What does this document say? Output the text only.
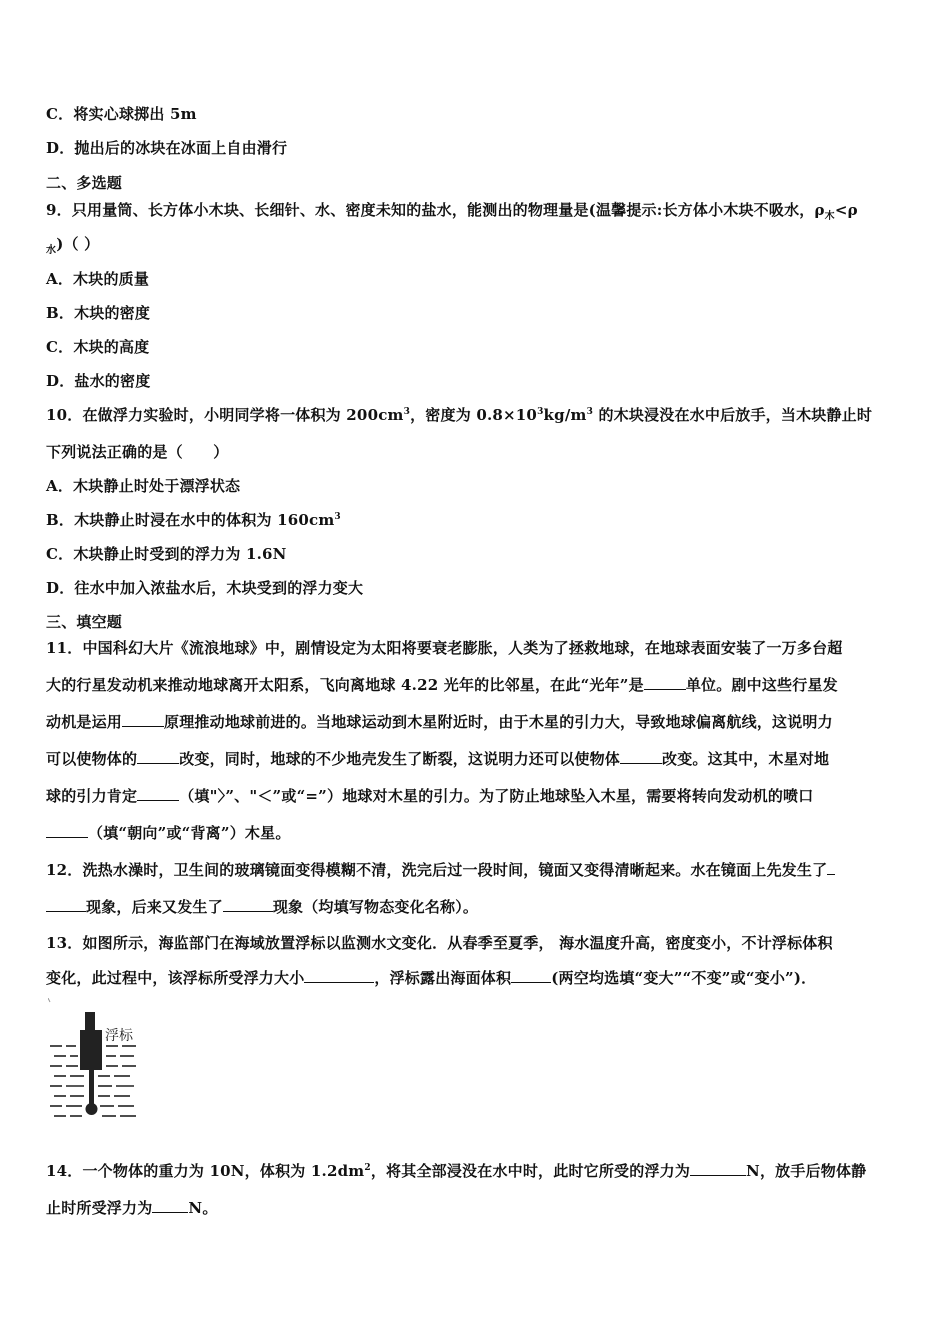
C．将实心球掷出 5m
D．抛出后的冰块在冰面上自由滑行
二、多选题
9．只用量筒、长方体小木块、长细针、水、密度未知的盐水，能测出的物理量是(温馨提示:长方体小木块不吸水，$\rho_木<\rho$
$_水$)（ ）
A．木块的质量
B．木块的密度
C．木块的高度
D．盐水的密度
10．在做浮力实验时，小明同学将一体积为 $200cm^3$，密度为 $0.8\times 10^3kg/m^3$ 的木块浸没在水中后放手，当木块静止时
下列说法正确的是（　　）
A．木块静止时处于漂浮状态
B．木块静止时浸在水中的体积为 $160cm^3$
C．木块静止时受到的浮力为 1.6N
D．往水中加入浓盐水后，木块受到的浮力变大
三、填空题
11．中国科幻大片《流浪地球》中，剧情设定为太阳将要衰老膨胀，人类为了拯救地球，在地球表面安装了一万多台超
大的行星发动机来推动地球离开太阳系，飞向离地球 4.22 光年的比邻星，在此“光年”是	单位。剧中这些行星发
动机是运用	原理推动地球前进的。当地球运动到木星附近时，由于木星的引力大，导致地球偏离航线，这说明力
可以使物体的	改变，同时，地球的不少地壳发生了断裂，这说明力还可以使物体	改变。这其中，木星对地
球的引力肯定	（填"〉”、"＜”或“=”）地球对木星的引力。为了防止地球坠入木星，需要将转向发动机的喷口
（填“朝向”或“背离”）木星。
12．洗热水澡时，卫生间的玻璃镜面变得模糊不清，洗完后过一段时间，镜面又变得清晰起来。水在镜面上先发生了
现象，后来又发生了	现象（均填写物态变化名称）。
13．如图所示，海监部门在海域放置浮标以监测水文变化．从春季至夏季， 海水温度升高，密度变小，不计浮标体积
变化，此过程中，该浮标所受浮力大小	，浮标露出海面体积	(两空均选填“变大”“不变”或“变小”)．
浮标
14．一个物体的重力为 10N，体积为 $1.2dm^2$，将其全部浸没在水中时，此时它所受的浮力为	N，放手后物体静
止时所受浮力为 N。
